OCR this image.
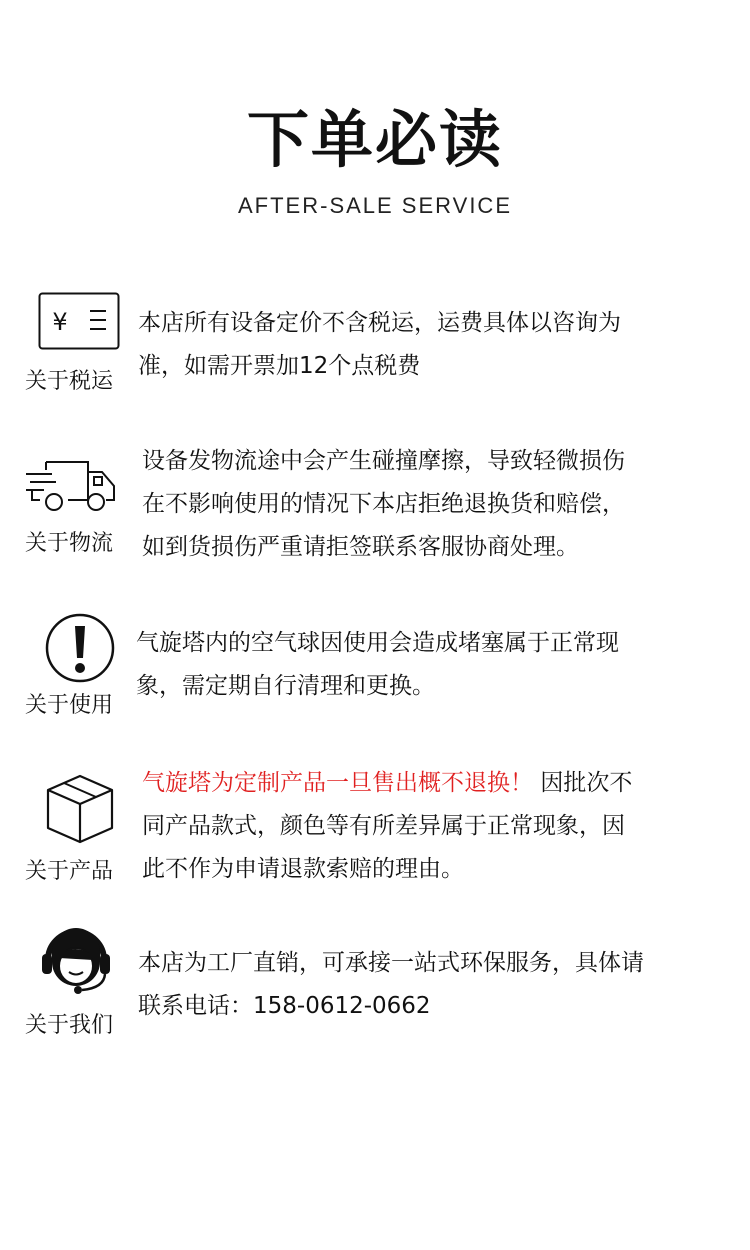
下单必读
AFTER-SALE SERVICE
¥
关于税运
本店所有设备定价不含税运，运费具体以咨询为
准，如需开票加12个点税费
关于物流
设备发物流途中会产生碰撞摩擦，导致轻微损伤
在不影响使用的情况下本店拒绝退换货和赔偿，
如到货损伤严重请拒签联系客服协商处理。
关于使用
气旋塔内的空气球因使用会造成堵塞属于正常现
象，需定期自行清理和更换。
关于产品
气旋塔为定制产品一旦售出概不退换！ 因批次不
同产品款式，颜色等有所差异属于正常现象，因
此不作为申请退款索赔的理由。
关于我们
本店为工厂直销，可承接一站式环保服务，具体请
联系电话：158-0612-0662
